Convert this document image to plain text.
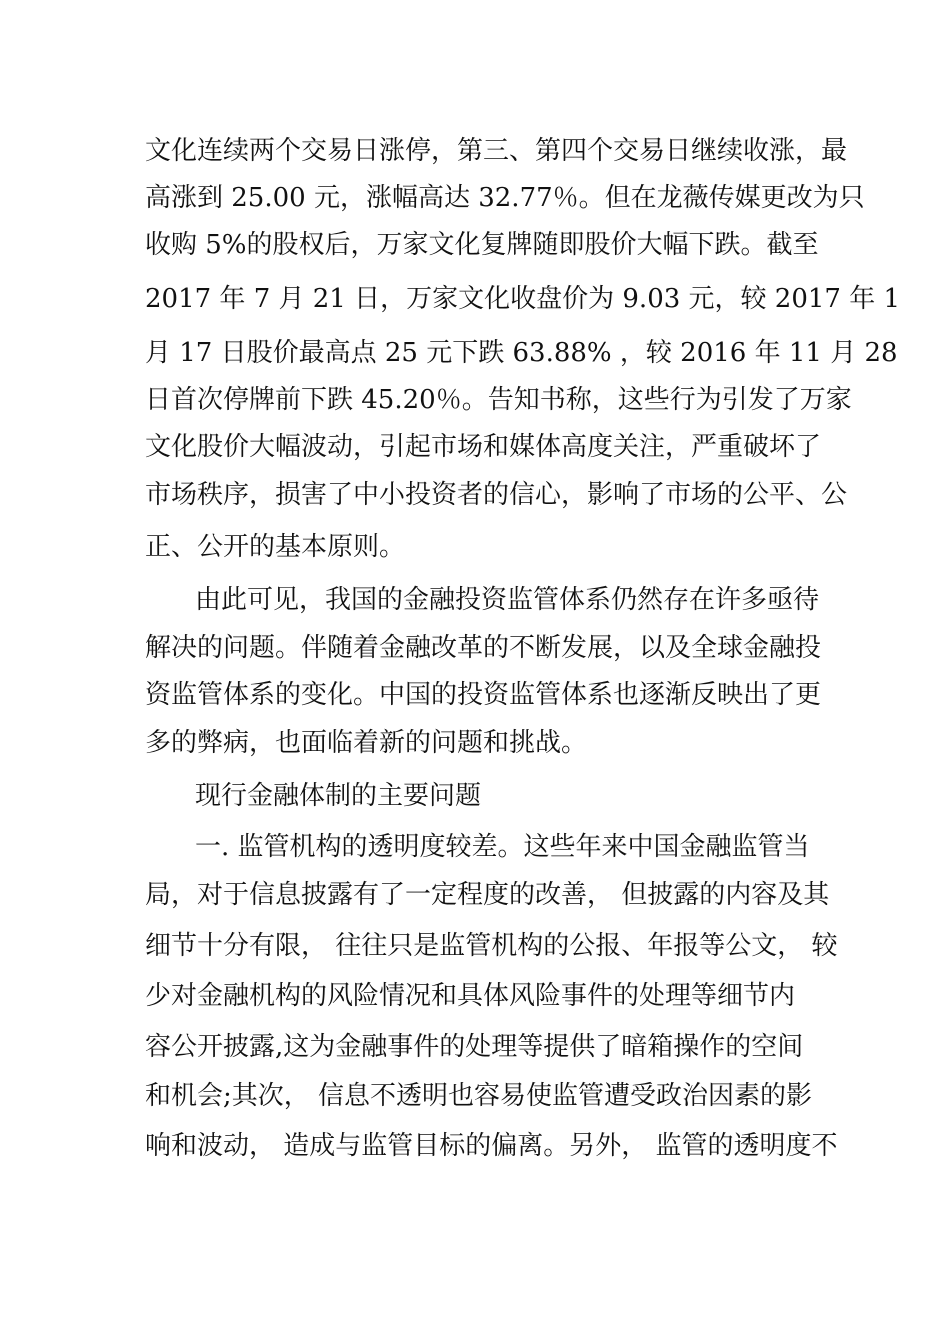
文化连续两个交易日涨停，第三、第四个交易日继续收涨，最
高涨到 25.00 元，涨幅高达 32.77％。但在龙薇传媒更改为只
收购 5%的股权后，万家文化复牌随即股价大幅下跌。截至
2017 年 7 月 21 日，万家文化收盘价为 9.03 元，较 2017 年 1
月 17 日股价最高点 25 元下跌 63.88% ，较 2016 年 11 月 28
日首次停牌前下跌 45.20％。告知书称，这些行为引发了万家
文化股价大幅波动，引起市场和媒体高度关注，严重破坏了
市场秩序，损害了中小投资者的信心，影响了市场的公平、公
正、公开的基本原则。
由此可见，我国的金融投资监管体系仍然存在许多亟待
解决的问题。伴随着金融改革的不断发展，以及全球金融投
资监管体系的变化。中国的投资监管体系也逐渐反映出了更
多的弊病，也面临着新的问题和挑战。
现行金融体制的主要问题
一. 监管机构的透明度较差。这些年来中国金融监管当
局，对于信息披露有了一定程度的改善， 但披露的内容及其
细节十分有限， 往往只是监管机构的公报、年报等公文， 较
少对金融机构的风险情况和具体风险事件的处理等细节内
容公开披露,这为金融事件的处理等提供了暗箱操作的空间
和机会;其次， 信息不透明也容易使监管遭受政治因素的影
响和波动， 造成与监管目标的偏离。另外， 监管的透明度不
